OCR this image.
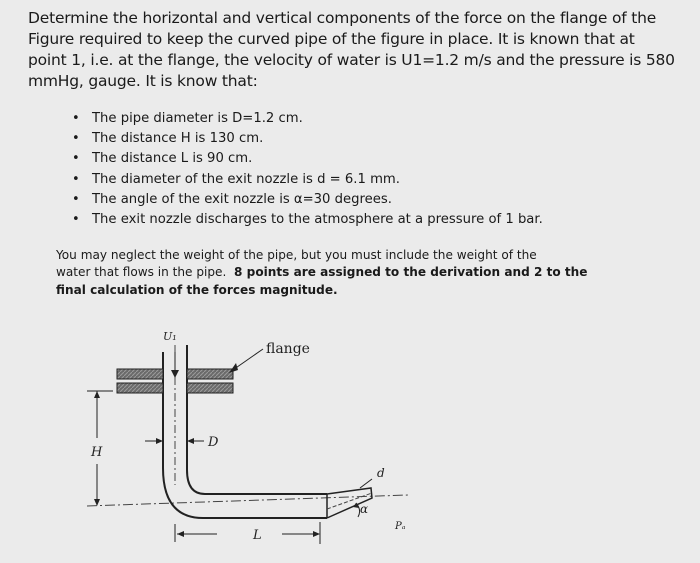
Determine the horizontal and vertical components of the force on the flange of the
Figure required to keep the curved pipe of the figure in place. It is known that at
point 1, i.e. at the flange, the velocity of water is U1=1.2 m/s and the pressure is 580
mmHg, gauge. It is know that:
• The pipe diameter is D=1.2 cm.
• The distance H is 130 cm.
• The distance L is 90 cm.
• The diameter of the exit nozzle is d = 6.1 mm.
• The angle of the exit nozzle is α=30 degrees.
• The exit nozzle discharges to the atmosphere at a pressure of 1 bar.
You may neglect the weight of the pipe, but you must include the weight of the
water that flows in the pipe. 8 points are assigned to the derivation and 2 to the
final calculation of the forces magnitude.
U₁
flange
D
H
d
α
L
Pₐ
